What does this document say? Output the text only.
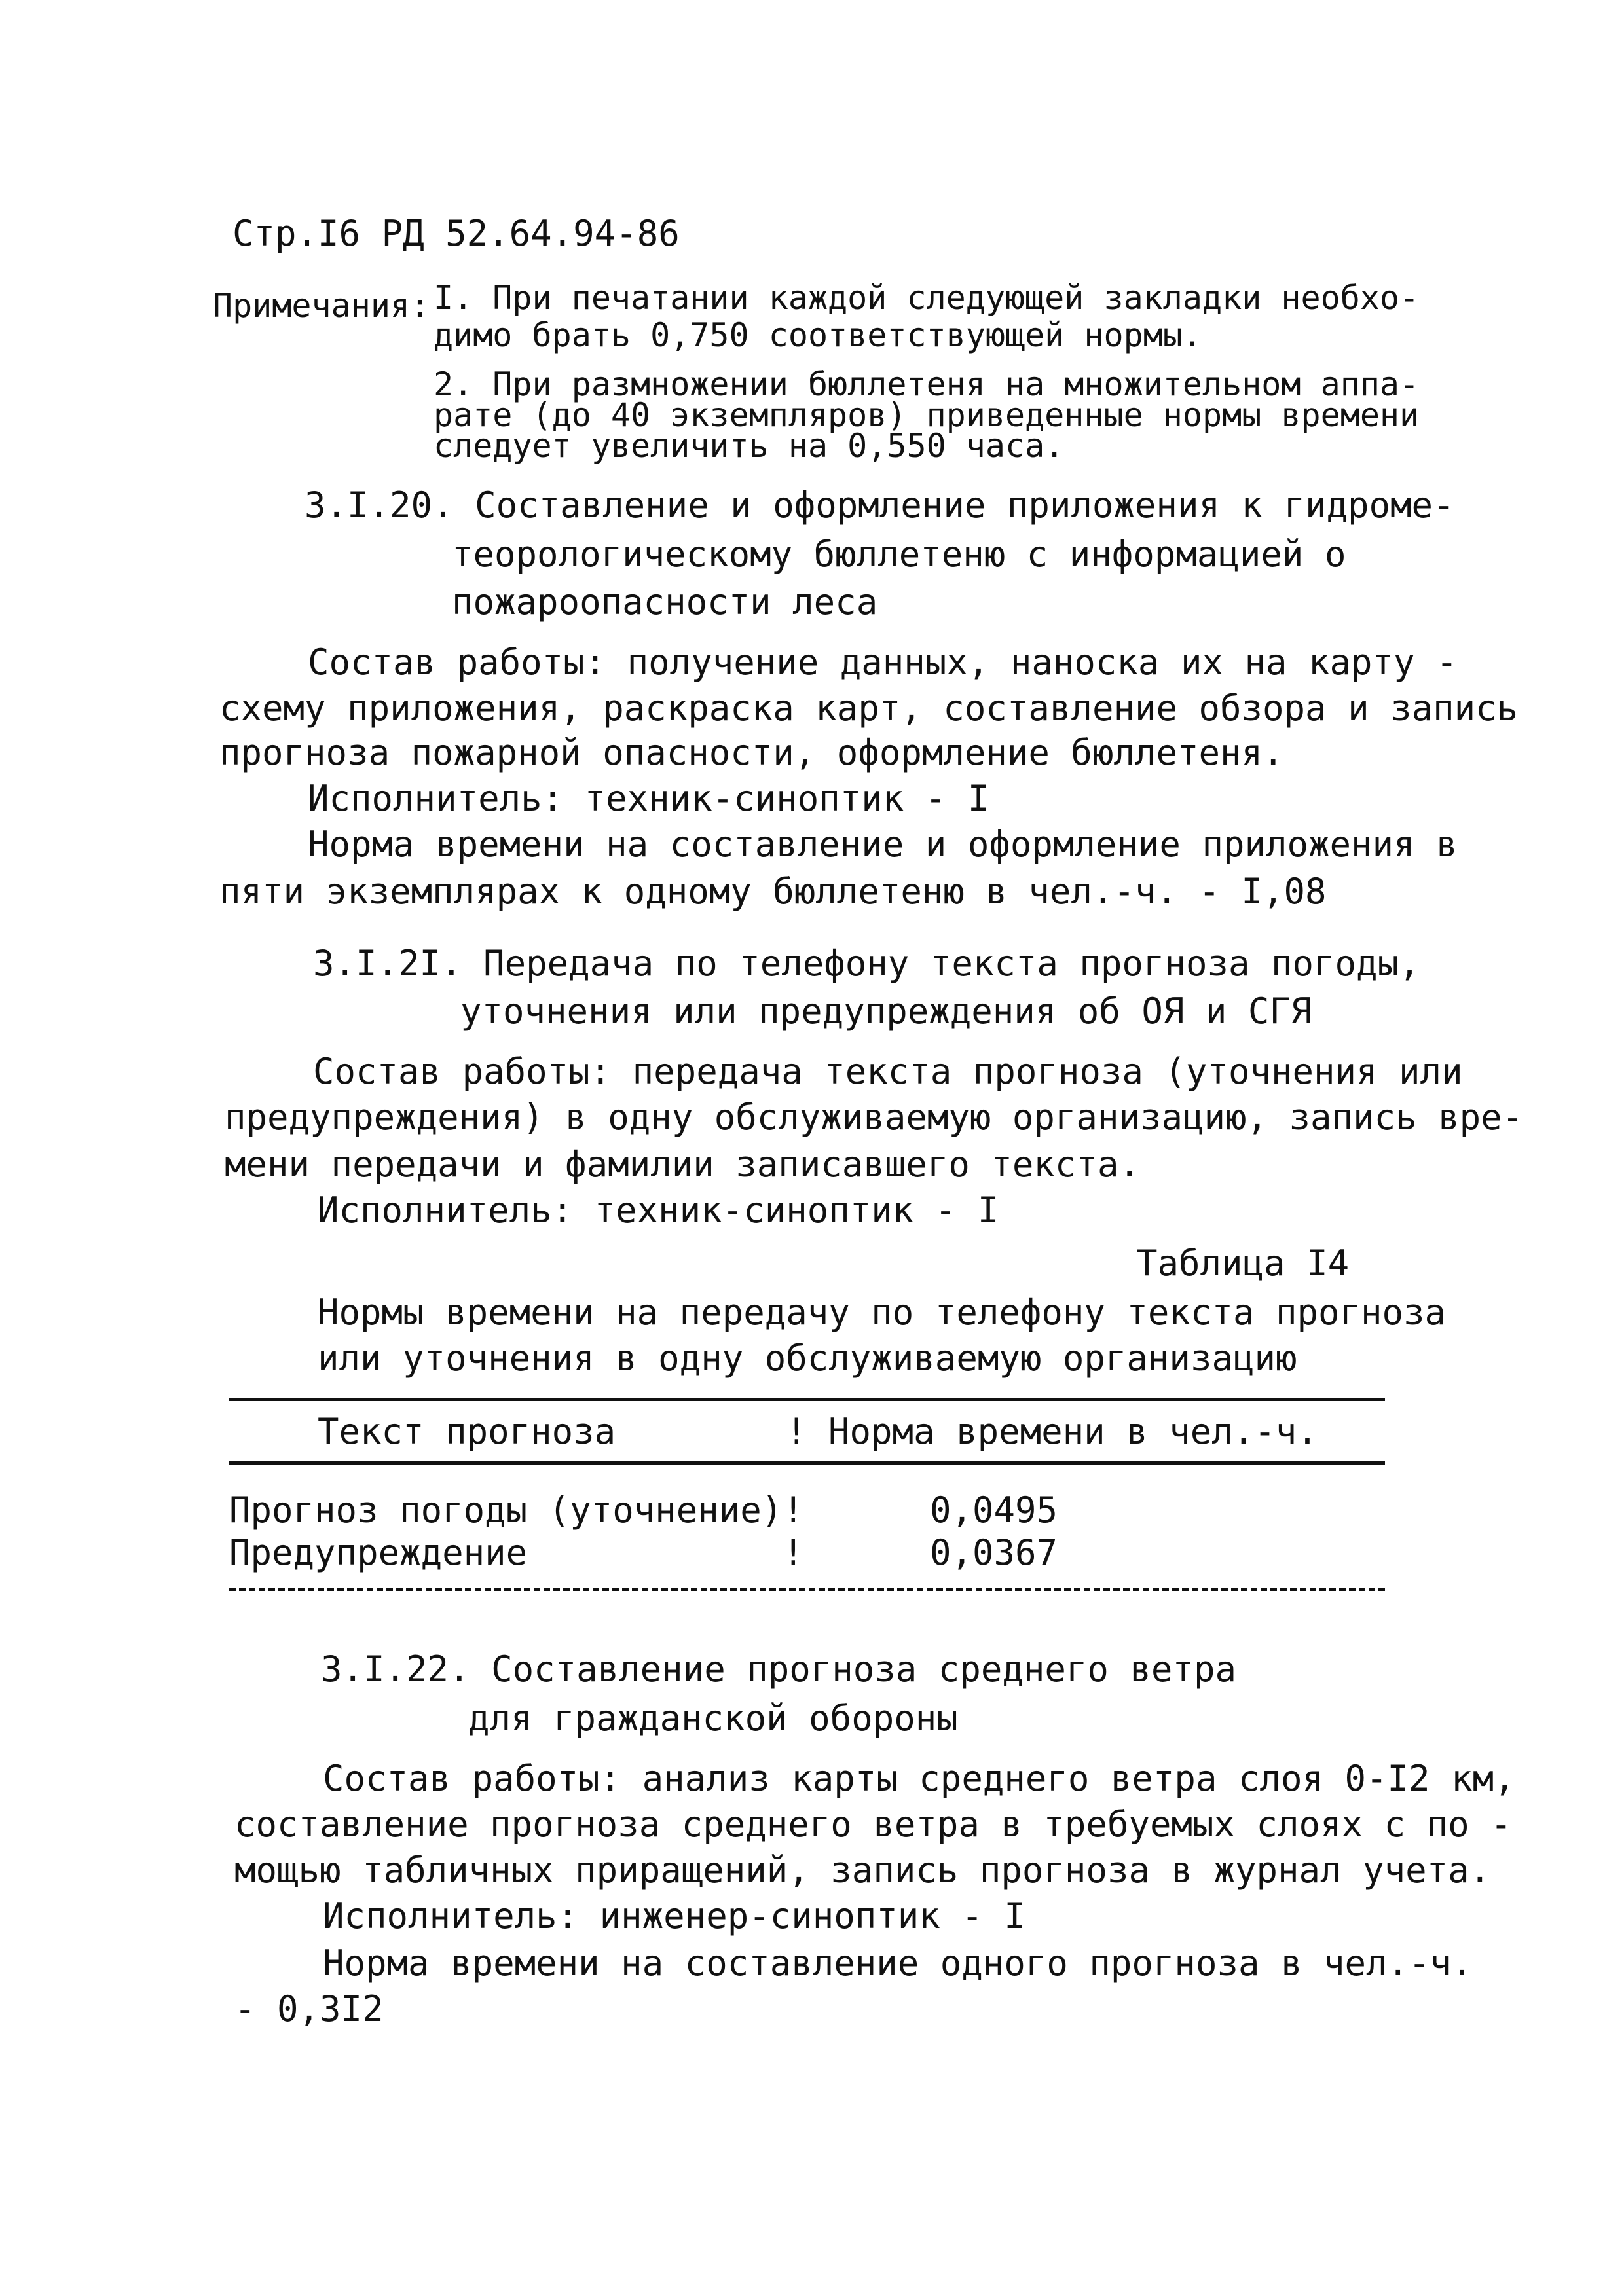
Стр.I6 РД 52.64.94-86
Примечания: I. При печатании каждой следующей закладки необхо-
димо брать 0,750 соответствующей нормы.
2. При размножении бюллетеня на множительном аппа-
рате (до 40 экземпляров) приведенные нормы времени
следует увеличить на 0,550 часа.
3.I.20. Составление и оформление приложения к гидроме-
теорологическому бюллетеню с информацией о
пожароопасности леса
Состав работы: получение данных, наноска их на карту -
схему приложения, раскраска карт, составление обзора и запись
прогноза пожарной опасности, оформление бюллетеня.
Исполнитель: техник-синоптик - I
Норма времени на составление и оформление приложения в
пяти экземплярах к одному бюллетеню в чел.-ч. - I,08
3.I.2I. Передача по телефону текста прогноза погоды,
уточнения или предупреждения об ОЯ и СГЯ
Состав работы: передача текста прогноза (уточнения или
предупреждения) в одну обслуживаемую организацию, запись вре-
мени передачи и фамилии записавшего текста.
Исполнитель: техник-синоптик - I
Таблица I4
Нормы времени на передачу по телефону текста прогноза
или уточнения в одну обслуживаемую организацию
Текст прогноза	! Норма времени в чел.-ч.
Прогноз погоды (уточнение) !	0,0495
Предупреждение	!	0,0367
3.I.22. Составление прогноза среднего ветра
для гражданской обороны
Состав работы: анализ карты среднего ветра слоя 0-I2 км,
составление прогноза среднего ветра в требуемых слоях с по -
мощью табличных приращений, запись прогноза в журнал учета.
Исполнитель: инженер-синоптик - I
Норма времени на составление одного прогноза в чел.-ч.
- 0,3I2
